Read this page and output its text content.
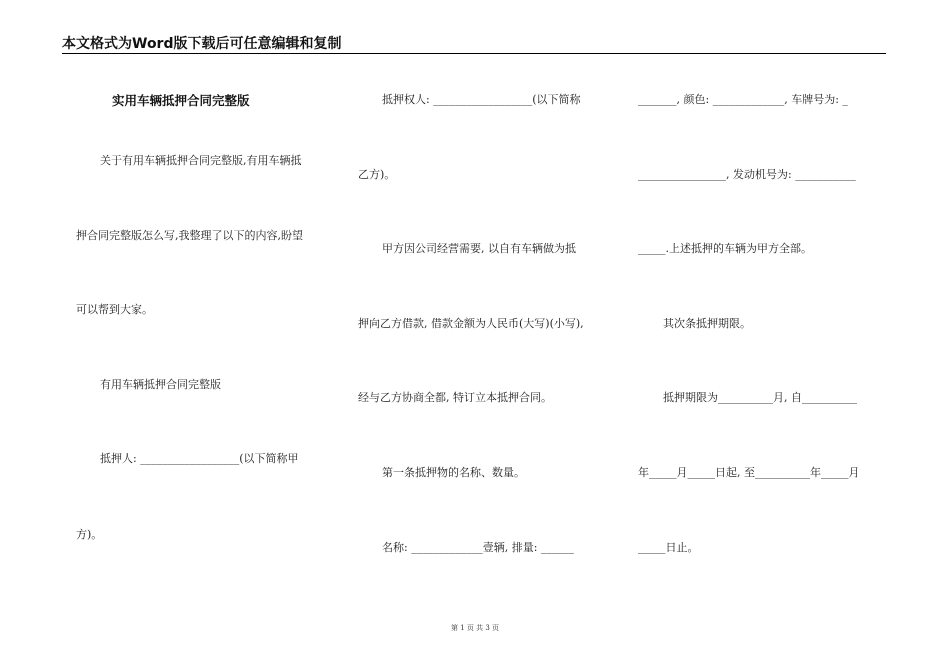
本文格式为Word版下载后可任意编辑和复制
实用车辆抵押合同完整版
关于有用车辆抵押合同完整版,有用车辆抵
押合同完整版怎么写,我整理了以下的内容,盼望
可以帮到大家。
有用车辆抵押合同完整版
抵押人: __________________(以下简称甲
方)。
抵押权人: __________________(以下简称
乙方)。
甲方因公司经营需要, 以自有车辆做为抵
押向乙方借款, 借款金额为人民币(大写)(小写),
经与乙方协商全都, 特订立本抵押合同。
第一条抵押物的名称、数量。
名称: _____________壹辆, 排量: ______
_______, 颜色: _____________, 车牌号为: _
________________, 发动机号为: ___________
_____.上述抵押的车辆为甲方全部。
其次条抵押期限。
抵押期限为__________月, 自__________
年_____月_____日起, 至__________年_____月
_____日止。
第 1 页 共 3 页
